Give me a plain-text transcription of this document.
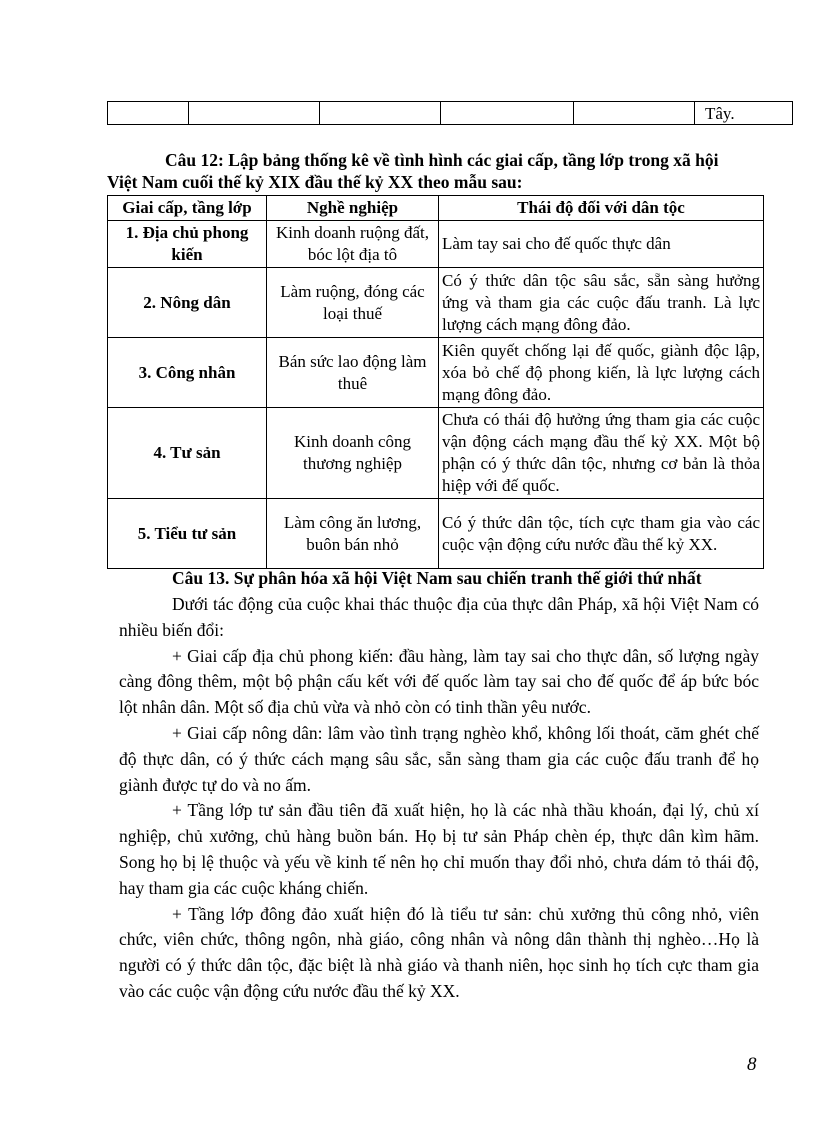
					Tây.
Câu 12: Lập bảng thống kê về tình hình các giai cấp, tầng lớp trong xã hội
Việt Nam cuối thế kỷ XIX đầu thế kỷ XX theo mẫu sau:
Giai cấp, tầng lớp	Nghề nghiệp	Thái độ đối với dân tộc
1. Địa chủ phong kiến	Kinh doanh ruộng đất, bóc lột địa tô	Làm tay sai cho đế quốc thực dân
2. Nông dân	Làm ruộng, đóng các loại thuế	Có ý thức dân tộc sâu sắc, sẵn sàng hưởng ứng và tham gia các cuộc đấu tranh. Là lực lượng cách mạng đông đảo.
3. Công nhân	Bán sức lao động làm thuê	Kiên quyết chống lại đế quốc, giành độc lập, xóa bỏ chế độ phong kiến, là lực lượng cách mạng đông đảo.
4. Tư sản	Kinh doanh công thương nghiệp	Chưa có thái độ hưởng ứng tham gia các cuộc vận động cách mạng đầu thế kỷ XX. Một bộ phận có ý thức dân tộc, nhưng cơ bản là thỏa hiệp với đế quốc.
5. Tiểu tư sản	Làm công ăn lương, buôn bán nhỏ	Có ý thức dân tộc, tích cực tham gia vào các cuộc vận động cứu nước đầu thế kỷ XX.
Câu 13. Sự phân hóa xã hội Việt Nam sau chiến tranh thế giới thứ nhất

Dưới tác động của cuộc khai thác thuộc địa của thực dân Pháp, xã hội Việt Nam có nhiều biến đổi:

+ Giai cấp địa chủ phong kiến: đầu hàng, làm tay sai cho thực dân, số lượng ngày càng đông thêm, một bộ phận cấu kết với đế quốc làm tay sai cho đế quốc để áp bức bóc lột nhân dân. Một số địa chủ vừa và nhỏ còn có tinh thần yêu nước.

+ Giai cấp nông dân: lâm vào tình trạng nghèo khổ, không lối thoát, căm ghét chế độ thực dân, có ý thức cách mạng sâu sắc, sẵn sàng tham gia các cuộc đấu tranh để họ giành được tự do và no ấm.

+ Tầng lớp tư sản đầu tiên đã xuất hiện, họ là các nhà thầu khoán, đại lý, chủ xí nghiệp, chủ xưởng, chủ hàng buồn bán. Họ bị tư sản Pháp chèn ép, thực dân kìm hãm. Song họ bị lệ thuộc và yếu về kinh tế nên họ chỉ muốn thay đổi nhỏ, chưa dám tỏ thái độ, hay tham gia các cuộc kháng chiến.

+ Tầng lớp đông đảo xuất hiện đó là tiểu tư sản: chủ xưởng thủ công nhỏ, viên chức, viên chức, thông ngôn, nhà giáo, công nhân và nông dân thành thị nghèo…Họ là người có ý thức dân tộc, đặc biệt là nhà giáo và thanh niên, học sinh họ tích cực tham gia vào các cuộc vận động cứu nước đầu thế kỷ XX.

8
